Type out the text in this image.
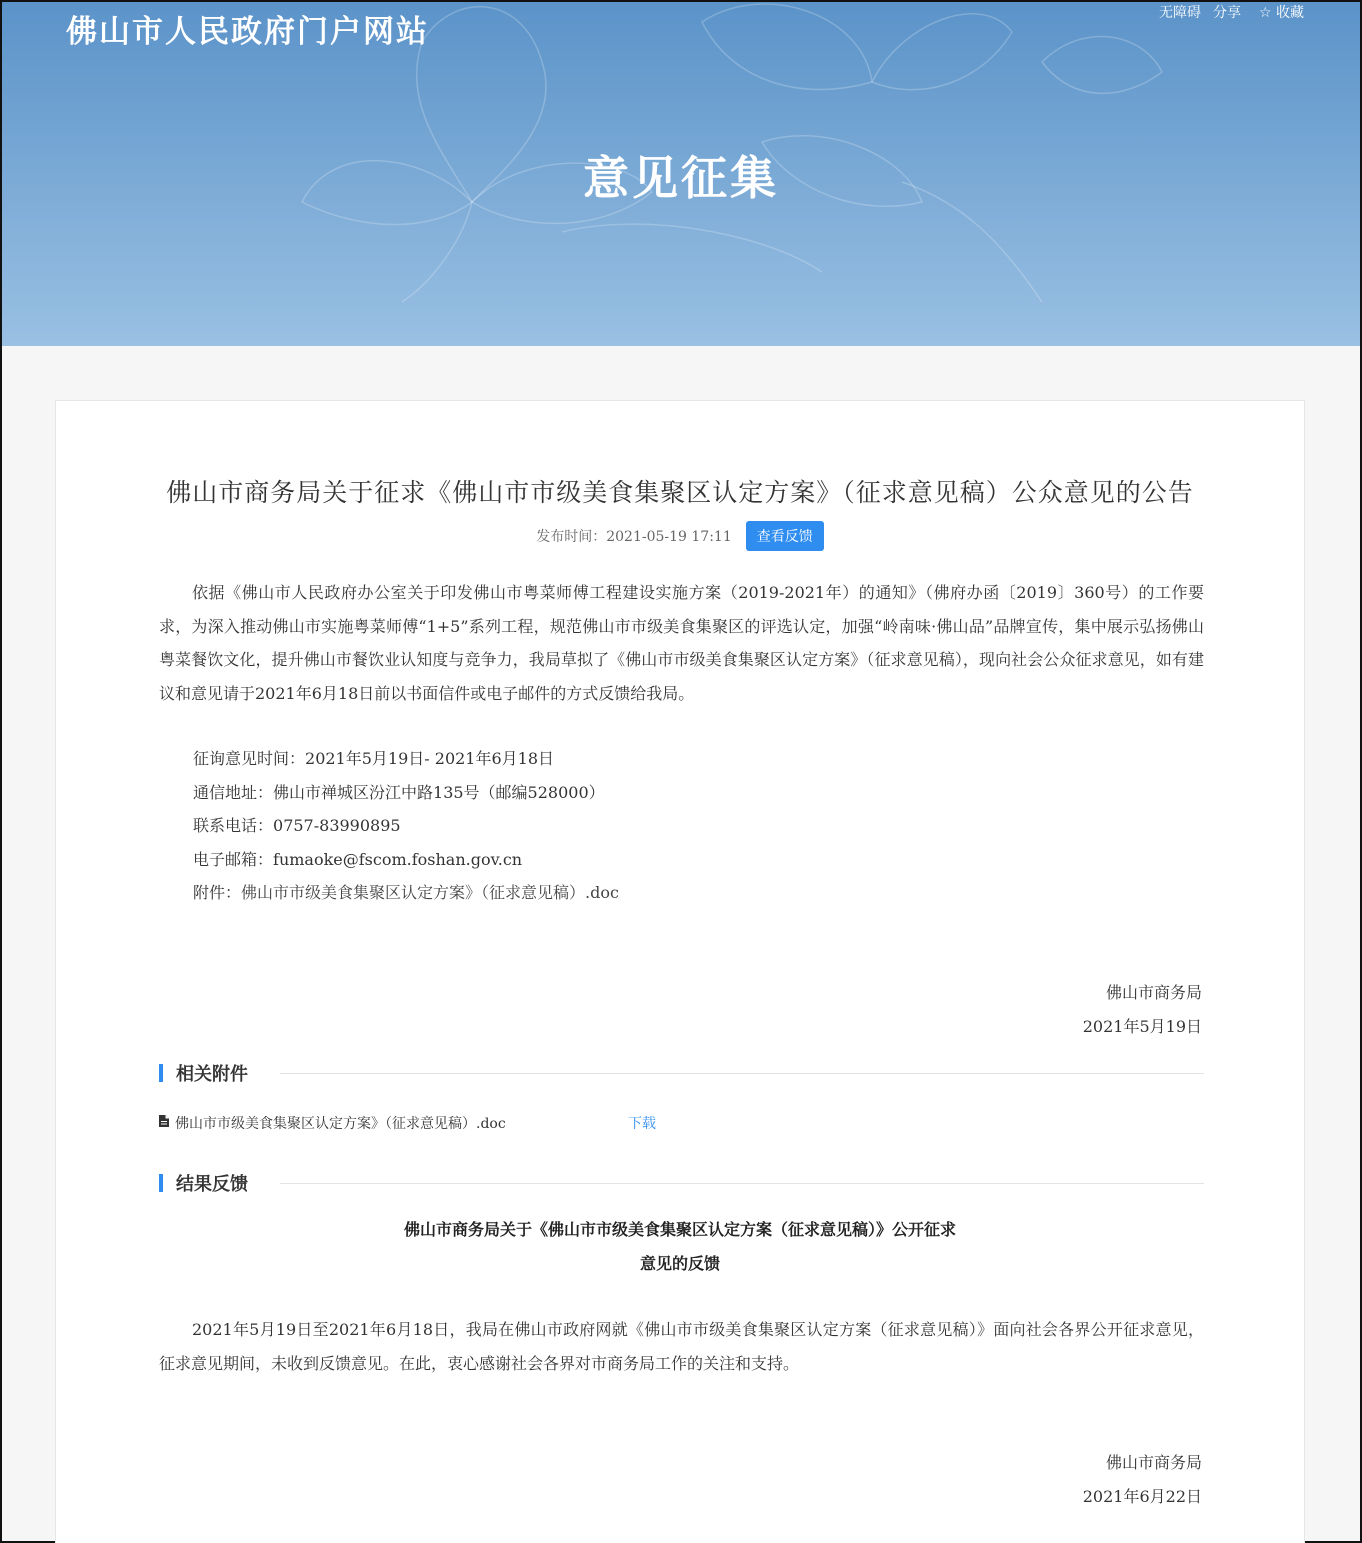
佛山市人民政府门户网站
无障碍 分享 ☆ 收藏
意见征集
佛山市商务局关于征求《佛山市市级美食集聚区认定方案》（征求意见稿）公众意见的公告
发布时间：2021-05-19 17:11	查看反馈

依据《佛山市人民政府办公室关于印发佛山市粤菜师傅工程建设实施方案（2019-2021年）的通知》（佛府办函〔2019〕360号）的工作要求，为深入推动佛山市实施粤菜师傅“1+5”系列工程，规范佛山市市级美食集聚区的评选认定，加强“岭南味·佛山品”品牌宣传，集中展示弘扬佛山粤菜餐饮文化，提升佛山市餐饮业认知度与竞争力，我局草拟了《佛山市市级美食集聚区认定方案》（征求意见稿），现向社会公众征求意见，如有建议和意见请于2021年6月18日前以书面信件或电子邮件的方式反馈给我局。

征询意见时间：2021年5月19日- 2021年6月18日
通信地址：佛山市禅城区汾江中路135号（邮编528000）
联系电话：0757-83990895
电子邮箱：fumaoke@fscom.foshan.gov.cn
附件：佛山市市级美食集聚区认定方案》（征求意见稿）.doc
佛山市商务局
2021年5月19日
相关附件
佛山市市级美食集聚区认定方案》（征求意见稿）.doc	下载
结果反馈
佛山市商务局关于《佛山市市级美食集聚区认定方案（征求意见稿）》公开征求
意见的反馈

2021年5月19日至2021年6月18日，我局在佛山市政府网就《佛山市市级美食集聚区认定方案（征求意见稿）》面向社会各界公开征求意见，征求意见期间，未收到反馈意见。在此，衷心感谢社会各界对市商务局工作的关注和支持。

佛山市商务局
2021年6月22日
